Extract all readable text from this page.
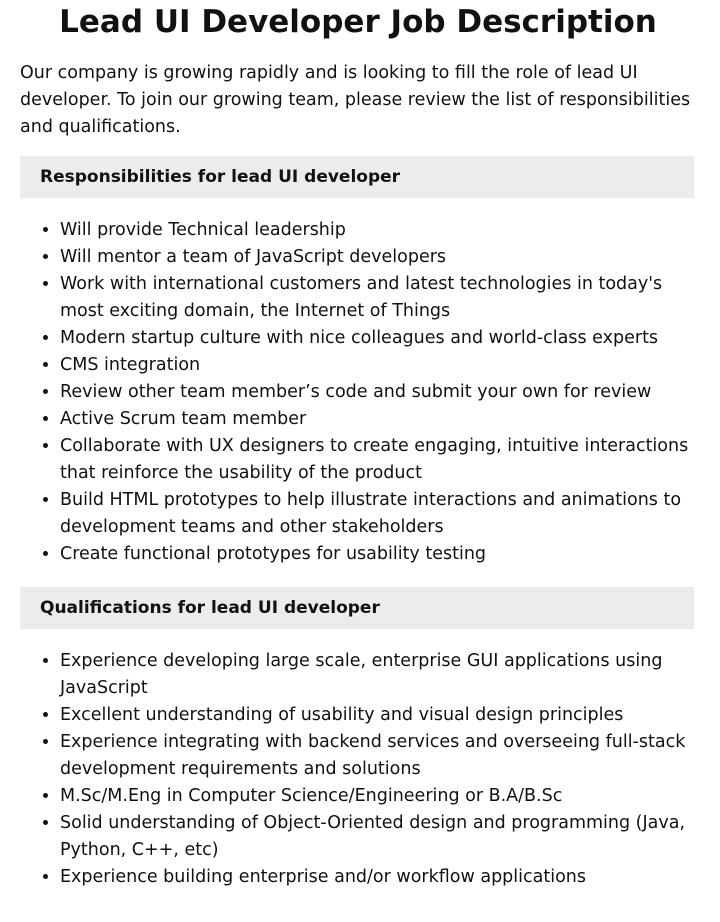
Lead UI Developer Job Description

Our company is growing rapidly and is looking to fill the role of lead UI developer. To join our growing team, please review the list of responsibilities and qualifications.

Responsibilities for lead UI developer
• Will provide Technical leadership
• Will mentor a team of JavaScript developers
• Work with international customers and latest technologies in today's most exciting domain, the Internet of Things
• Modern startup culture with nice colleagues and world-class experts
• CMS integration
• Review other team member’s code and submit your own for review
• Active Scrum team member
• Collaborate with UX designers to create engaging, intuitive interactions that reinforce the usability of the product
• Build HTML prototypes to help illustrate interactions and animations to development teams and other stakeholders
• Create functional prototypes for usability testing
Qualifications for lead UI developer
• Experience developing large scale, enterprise GUI applications using JavaScript
• Excellent understanding of usability and visual design principles
• Experience integrating with backend services and overseeing full-stack development requirements and solutions
• M.Sc/M.Eng in Computer Science/Engineering or B.A/B.Sc
• Solid understanding of Object-Oriented design and programming (Java, Python, C++, etc)
• Experience building enterprise and/or workflow applications
